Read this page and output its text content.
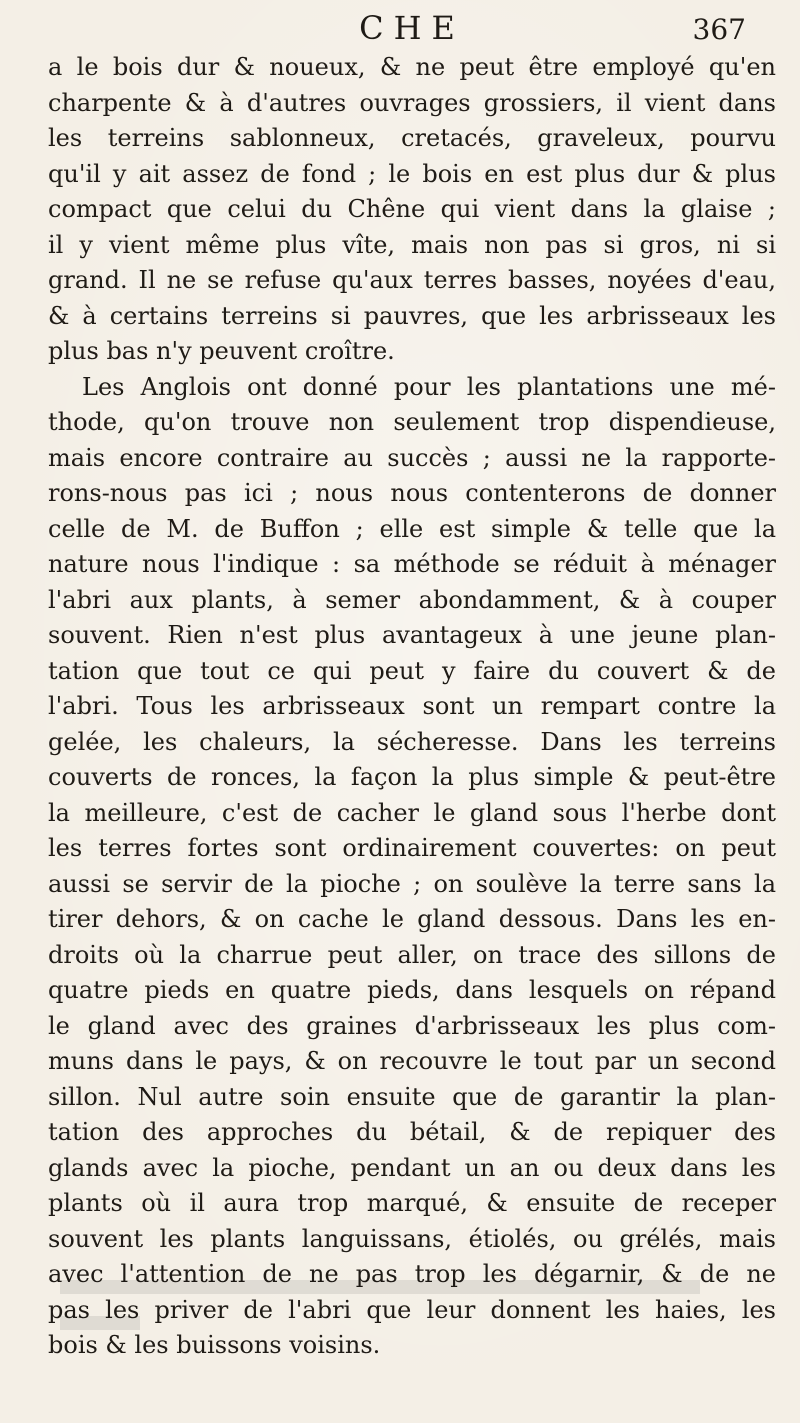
CHE	367
a le bois dur & noueux, & ne peut être employé qu'en
charpente & à d'autres ouvrages grossiers, il vient dans
les terreins sablonneux, cretacés, graveleux, pourvu
qu'il y ait assez de fond ; le bois en est plus dur & plus
compact que celui du Chêne qui vient dans la glaise ;
il y vient même plus vîte, mais non pas si gros, ni si
grand. Il ne se refuse qu'aux terres basses, noyées d'eau,
& à certains terreins si pauvres, que les arbrisseaux les
plus bas n'y peuvent croître.
Les Anglois ont donné pour les plantations une mé-
thode, qu'on trouve non seulement trop dispendieuse,
mais encore contraire au succès ; aussi ne la rapporte-
rons-nous pas ici ; nous nous contenterons de donner
celle de M. de Buffon ; elle est simple & telle que la
nature nous l'indique : sa méthode se réduit à ménager
l'abri aux plants, à semer abondamment, & à couper
souvent. Rien n'est plus avantageux à une jeune plan-
tation que tout ce qui peut y faire du couvert & de
l'abri. Tous les arbrisseaux sont un rempart contre la
gelée, les chaleurs, la sécheresse. Dans les terreins
couverts de ronces, la façon la plus simple & peut-être
la meilleure, c'est de cacher le gland sous l'herbe dont
les terres fortes sont ordinairement couvertes: on peut
aussi se servir de la pioche ; on soulève la terre sans la
tirer dehors, & on cache le gland dessous. Dans les en-
droits où la charrue peut aller, on trace des sillons de
quatre pieds en quatre pieds, dans lesquels on répand
le gland avec des graines d'arbrisseaux les plus com-
muns dans le pays, & on recouvre le tout par un second
sillon. Nul autre soin ensuite que de garantir la plan-
tation des approches du bétail, & de repiquer des
glands avec la pioche, pendant un an ou deux dans les
plants où il aura trop marqué, & ensuite de receper
souvent les plants languissans, étiolés, ou grélés, mais
avec l'attention de ne pas trop les dégarnir, & de ne
pas les priver de l'abri que leur donnent les haies, les
bois & les buissons voisins.
